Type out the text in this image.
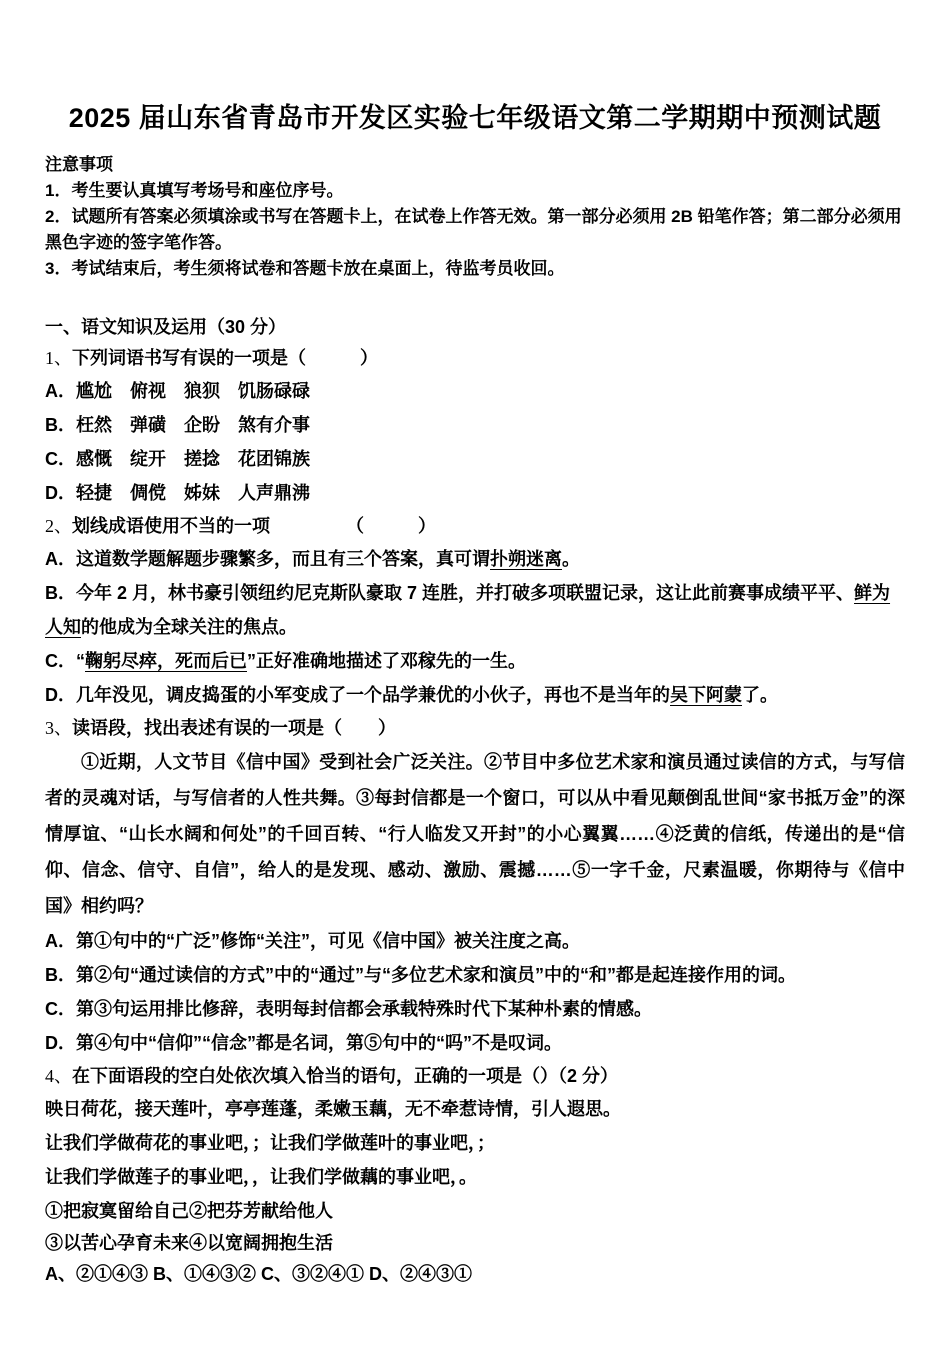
2025 届山东省青岛市开发区实验七年级语文第二学期期中预测试题

注意事项

1．考生要认真填写考场号和座位序号。

2．试题所有答案必须填涂或书写在答题卡上，在试卷上作答无效。第一部分必须用 2B 铅笔作答；第二部分必须用黑色字迹的签字笔作答。

3．考试结束后，考生须将试卷和答题卡放在桌面上，待监考员收回。

一、语文知识及运用（30 分）

1、下列词语书写有误的一项是（　　　）

A．尴尬　俯视　狼狈　饥肠碌碌

B．枉然　弹磺　企盼　煞有介事

C．感慨　绽开　搓捻　花团锦族

D．轻捷　倜傥　姊妹　人声鼎沸

2、划线成语使用不当的一项	（　　　）

A．这道数学题解题步骤繁多，而且有三个答案，真可谓扑朔迷离。

B．今年 2 月，林书豪引领纽约尼克斯队豪取 7 连胜，并打破多项联盟记录，这让此前赛事成绩平平、鲜为人知的他成为全球关注的焦点。

C．“鞠躬尽瘁，死而后已”正好准确地描述了邓稼先的一生。

D．几年没见，调皮捣蛋的小军变成了一个品学兼优的小伙子，再也不是当年的吴下阿蒙了。

3、读语段，找出表述有误的一项是（　　）

①近期，人文节目《信中国》受到社会广泛关注。②节目中多位艺术家和演员通过读信的方式，与写信者的灵魂对话，与写信者的人性共舞。③每封信都是一个窗口，可以从中看见颠倒乱世间“家书抵万金”的深情厚谊、“山长水阔和何处”的千回百转、“行人临发又开封”的小心翼翼……④泛黄的信纸，传递出的是“信仰、信念、信守、自信”，给人的是发现、感动、激励、震撼……⑤一字千金，尺素温暖，你期待与《信中国》相约吗？

A．第①句中的“广泛”修饰“关注”，可见《信中国》被关注度之高。

B．第②句“通过读信的方式”中的“通过”与“多位艺术家和演员”中的“和”都是起连接作用的词。

C．第③句运用排比修辞，表明每封信都会承载特殊时代下某种朴素的情感。

D．第④句中“信仰”“信念”都是名词，第⑤句中的“吗”不是叹词。

4、在下面语段的空白处依次填入恰当的语句，正确的一项是（）（2 分）

映日荷花，接天莲叶，亭亭莲蓬，柔嫩玉藕，无不牵惹诗情，引人遐思。

让我们学做荷花的事业吧，；让我们学做莲叶的事业吧，；

让我们学做莲子的事业吧，，让我们学做藕的事业吧，。

①把寂寞留给自己②把芬芳献给他人

③以苦心孕育未来④以宽阔拥抱生活

A、②①④③ B、①④③② C、③②④① D、②④③①
